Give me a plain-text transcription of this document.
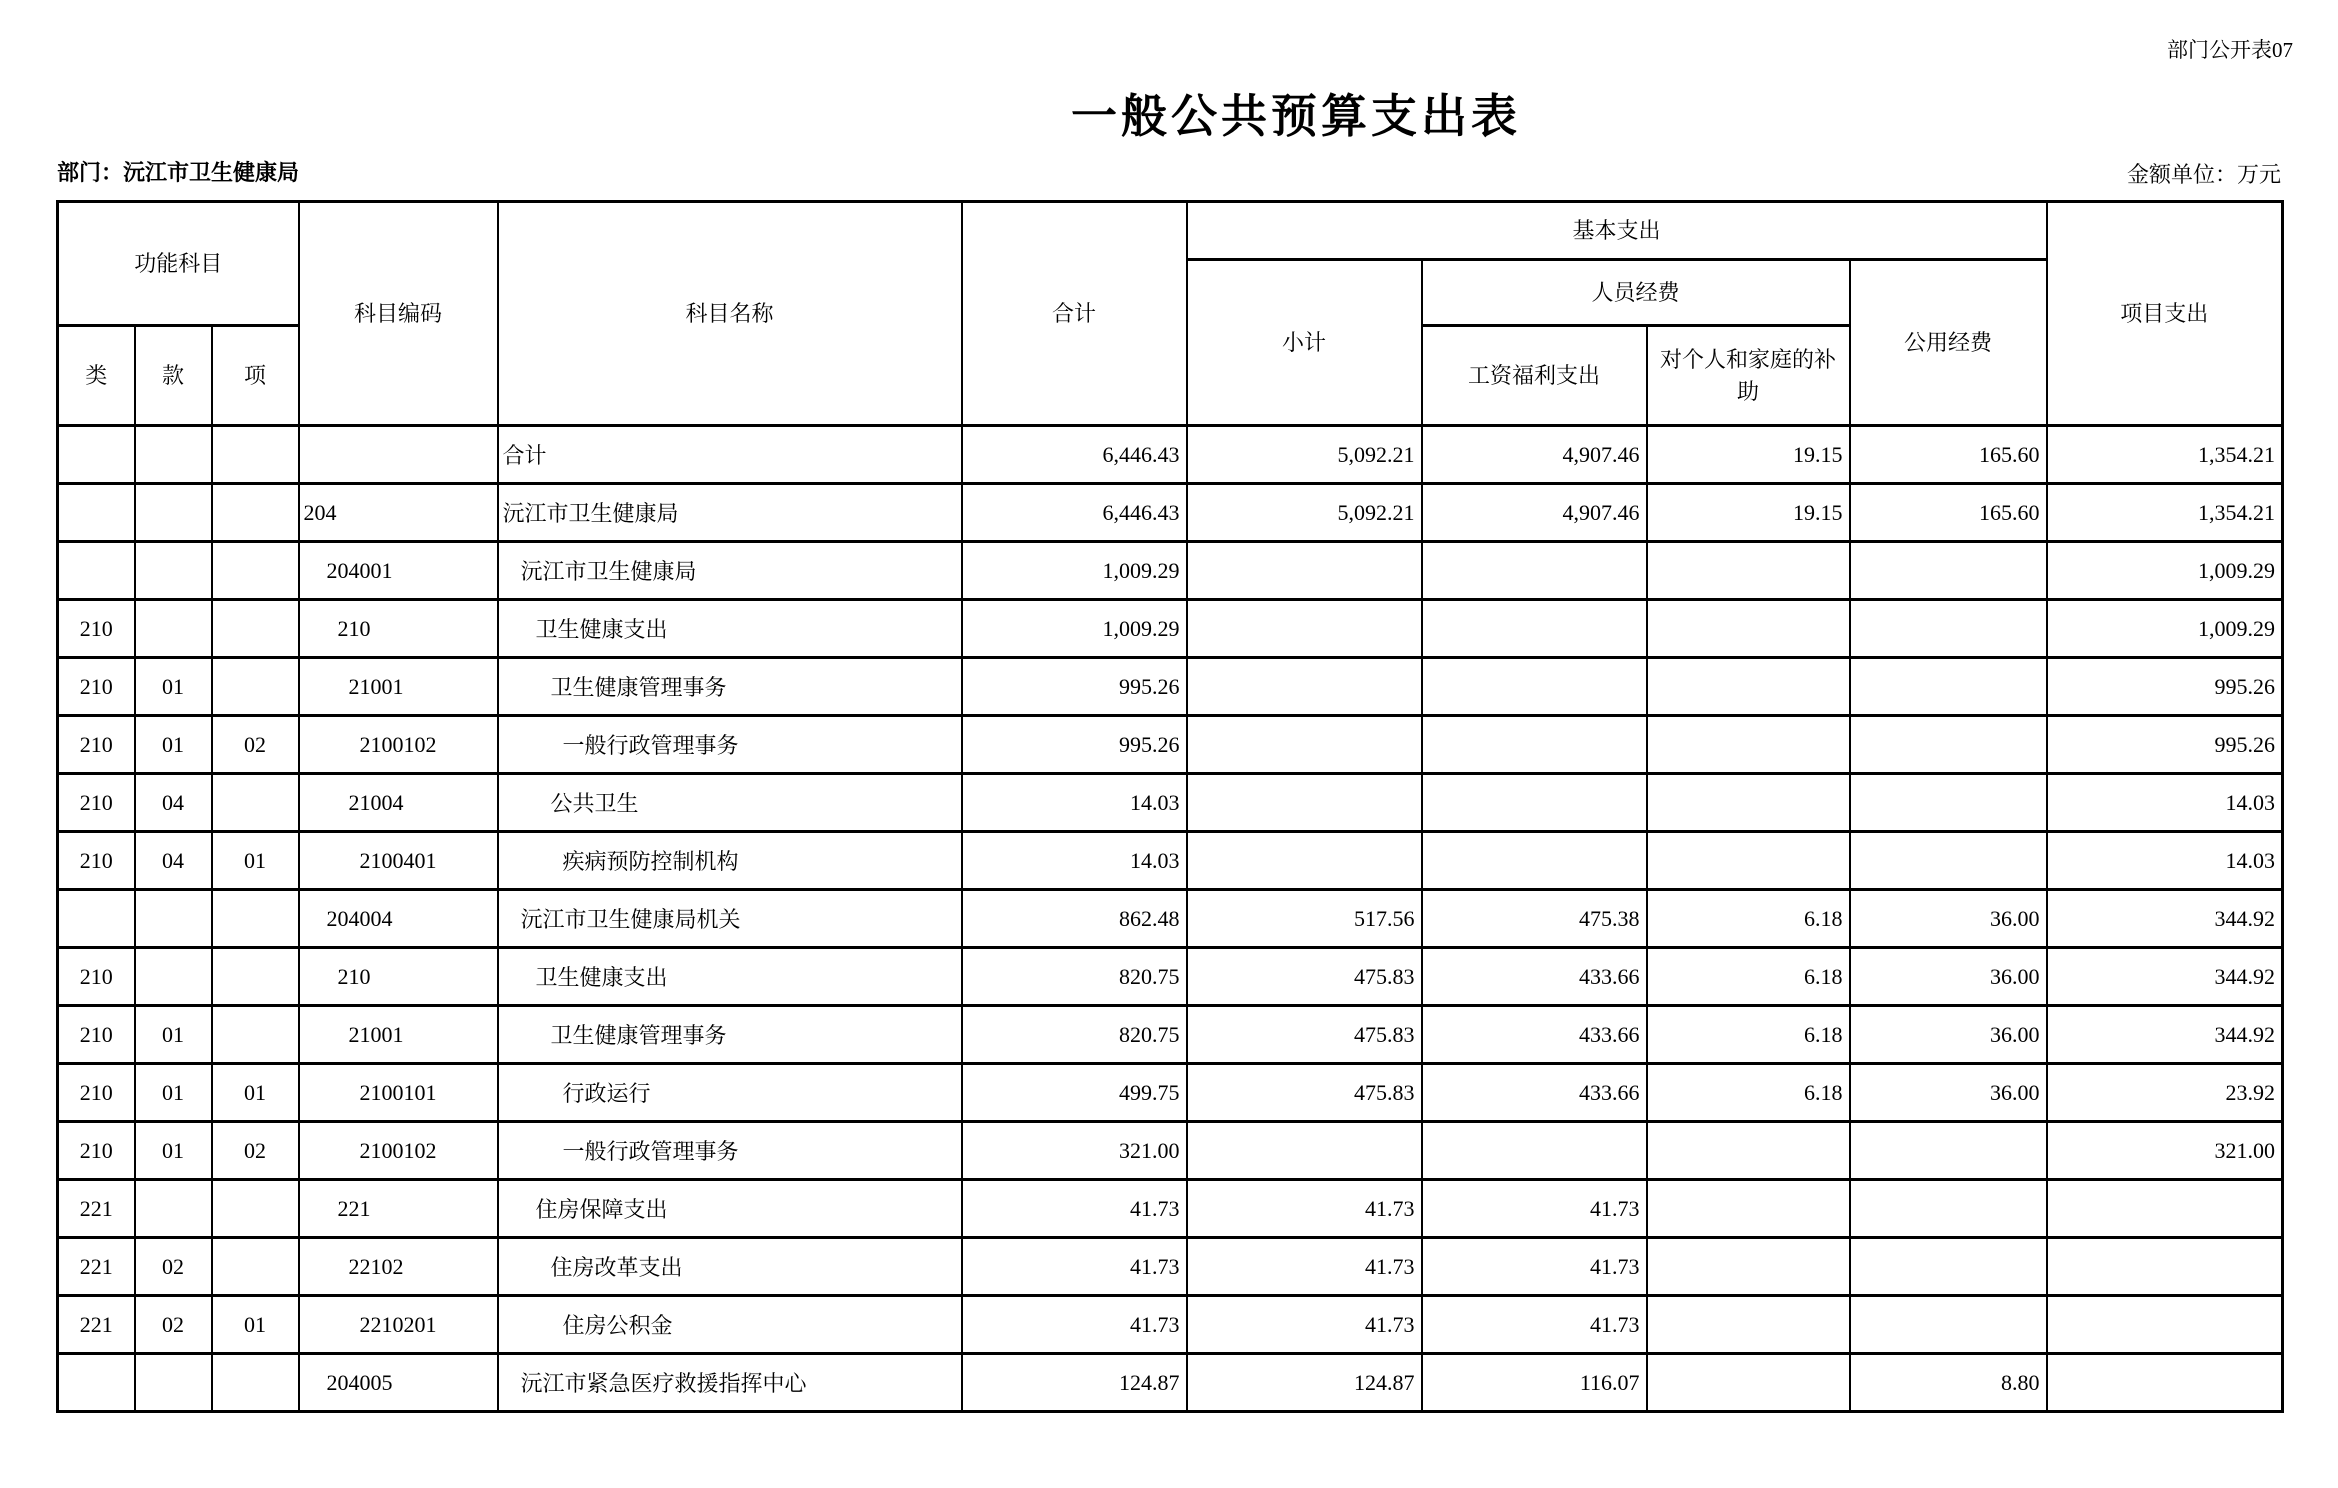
部门公开表07
一般公共预算支出表
部门：沅江市卫生健康局	金额单位：万元
功能科目			科目编码	科目名称	合计	基本支出				项目支出
						小计	人员经费		公用经费	
类	款	项					工资福利支出	对个人和家庭的补助		
				合计	6,446.43	5,092.21	4,907.46	19.15	165.60	1,354.21
			204	沅江市卫生健康局	6,446.43	5,092.21	4,907.46	19.15	165.60	1,354.21
			204001	沅江市卫生健康局	1,009.29					1,009.29
210			210	卫生健康支出	1,009.29					1,009.29
210	01		21001	卫生健康管理事务	995.26					995.26
210	01	02	2100102	一般行政管理事务	995.26					995.26
210	04		21004	公共卫生	14.03					14.03
210	04	01	2100401	疾病预防控制机构	14.03					14.03
			204004	沅江市卫生健康局机关	862.48	517.56	475.38	6.18	36.00	344.92
210			210	卫生健康支出	820.75	475.83	433.66	6.18	36.00	344.92
210	01		21001	卫生健康管理事务	820.75	475.83	433.66	6.18	36.00	344.92
210	01	01	2100101	行政运行	499.75	475.83	433.66	6.18	36.00	23.92
210	01	02	2100102	一般行政管理事务	321.00					321.00
221			221	住房保障支出	41.73	41.73	41.73			
221	02		22102	住房改革支出	41.73	41.73	41.73			
221	02	01	2210201	住房公积金	41.73	41.73	41.73			
			204005	沅江市紧急医疗救援指挥中心	124.87	124.87	116.07		8.80	
